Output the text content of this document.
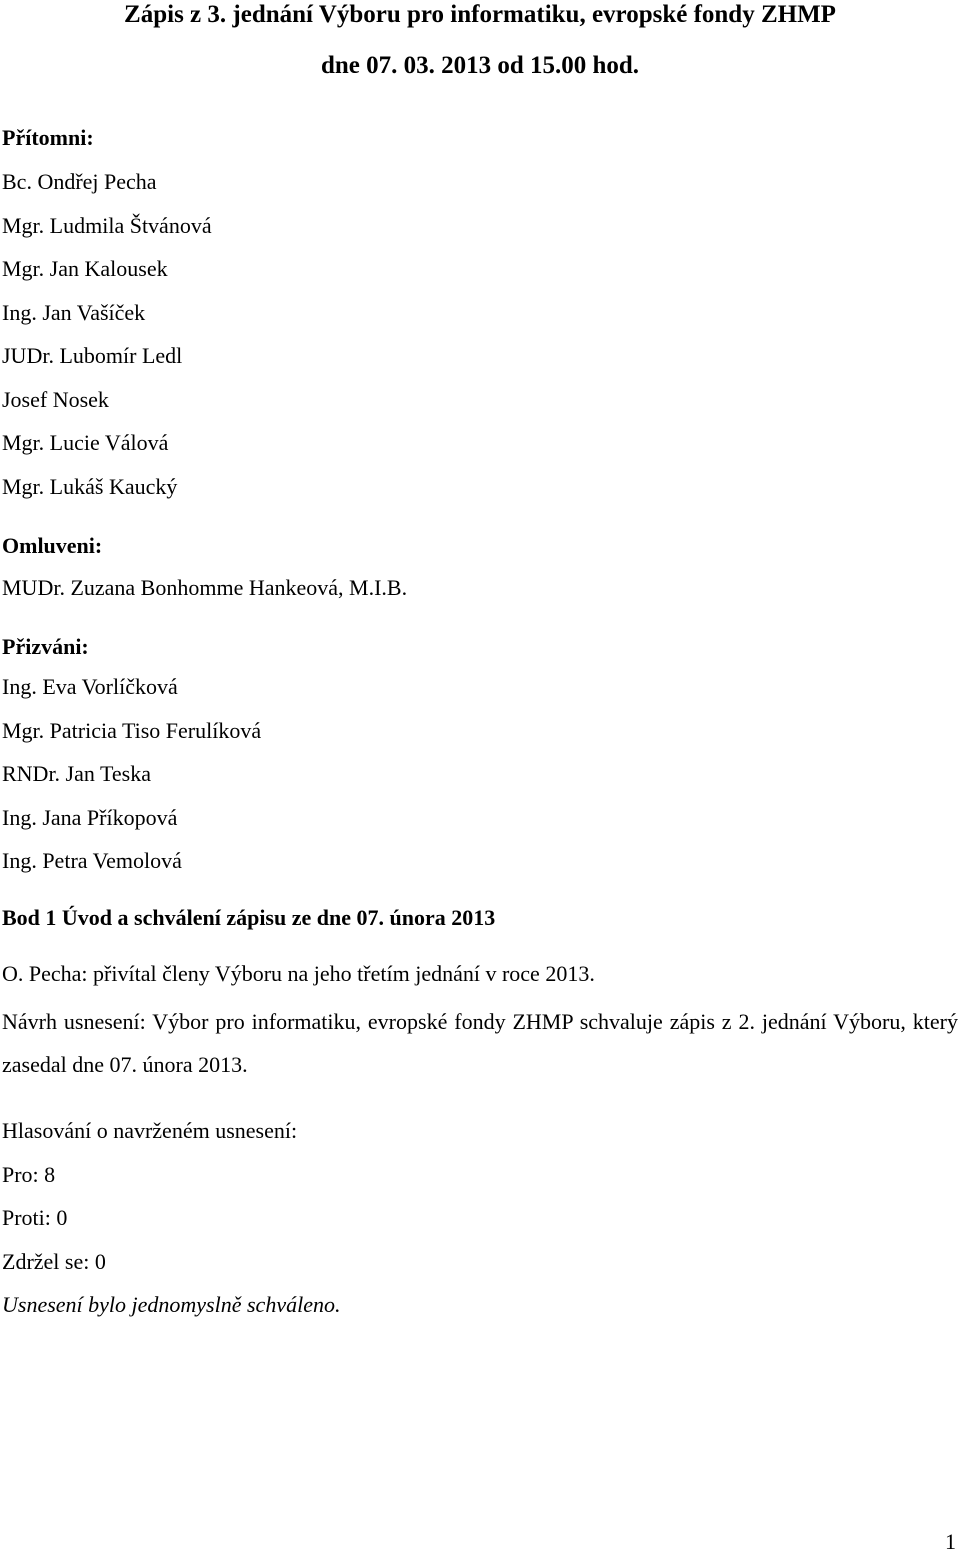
Zápis z 3. jednání Výboru pro informatiku, evropské fondy ZHMP
dne 07. 03. 2013 od 15.00 hod.
Přítomni:
Bc. Ondřej Pecha
Mgr. Ludmila Štvánová
Mgr. Jan Kalousek
Ing. Jan Vašíček
JUDr. Lubomír Ledl
Josef Nosek
Mgr. Lucie Válová
Mgr. Lukáš Kaucký
Omluveni:
MUDr. Zuzana Bonhomme Hankeová, M.I.B.
Přizváni:
Ing. Eva Vorlíčková
Mgr. Patricia Tiso Ferulíková
RNDr. Jan Teska
Ing. Jana Příkopová
Ing. Petra Vemolová
Bod 1 Úvod a schválení zápisu ze dne 07. února 2013

O. Pecha: přivítal členy Výboru na jeho třetím jednání v roce 2013.

Návrh usnesení: Výbor pro informatiku, evropské fondy ZHMP schvaluje zápis z 2. jednání Výboru, který zasedal dne 07. února 2013.

Hlasování o navrženém usnesení:

Pro: 8

Proti: 0

Zdržel se: 0

Usnesení bylo jednomyslně schváleno.

1
